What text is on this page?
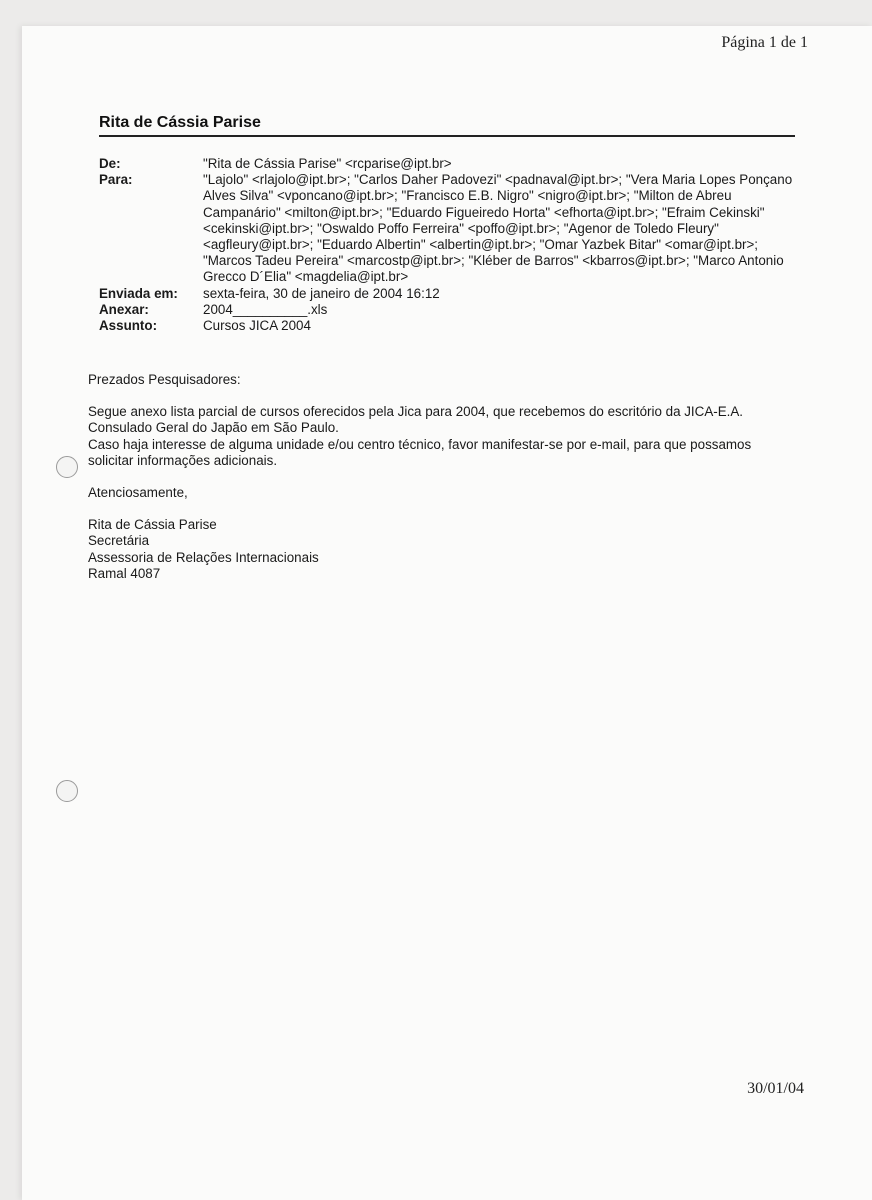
Página 1 de 1
Rita de Cássia Parise
De:	"Rita de Cássia Parise" <rcparise@ipt.br>
Para:	"Lajolo" <rlajolo@ipt.br>; "Carlos Daher Padovezi" <padnaval@ipt.br>; "Vera Maria Lopes Ponçano Alves Silva" <vponcano@ipt.br>; "Francisco E.B. Nigro" <nigro@ipt.br>; "Milton de Abreu Campanário" <milton@ipt.br>; "Eduardo Figueiredo Horta" <efhorta@ipt.br>; "Efraim Cekinski" <cekinski@ipt.br>; "Oswaldo Poffo Ferreira" <poffo@ipt.br>; "Agenor de Toledo Fleury" <agfleury@ipt.br>; "Eduardo Albertin" <albertin@ipt.br>; "Omar Yazbek Bitar" <omar@ipt.br>; "Marcos Tadeu Pereira" <marcostp@ipt.br>; "Kléber de Barros" <kbarros@ipt.br>; "Marco Antonio Grecco D´Elia" <magdelia@ipt.br>
Enviada em:	sexta-feira, 30 de janeiro de 2004 16:12
Anexar:	2004__________.xls
Assunto:	Cursos JICA 2004

Prezados Pesquisadores:

Segue anexo lista parcial de cursos oferecidos pela Jica para 2004, que recebemos do escritório da JICA-E.A.

Consulado Geral do Japão em São Paulo.

Caso haja interesse de alguma unidade e/ou centro técnico, favor manifestar-se por e-mail, para que possamos

solicitar informações adicionais.

Atenciosamente,

Rita de Cássia Parise

Secretária

Assessoria de Relações Internacionais

Ramal 4087

30/01/04
